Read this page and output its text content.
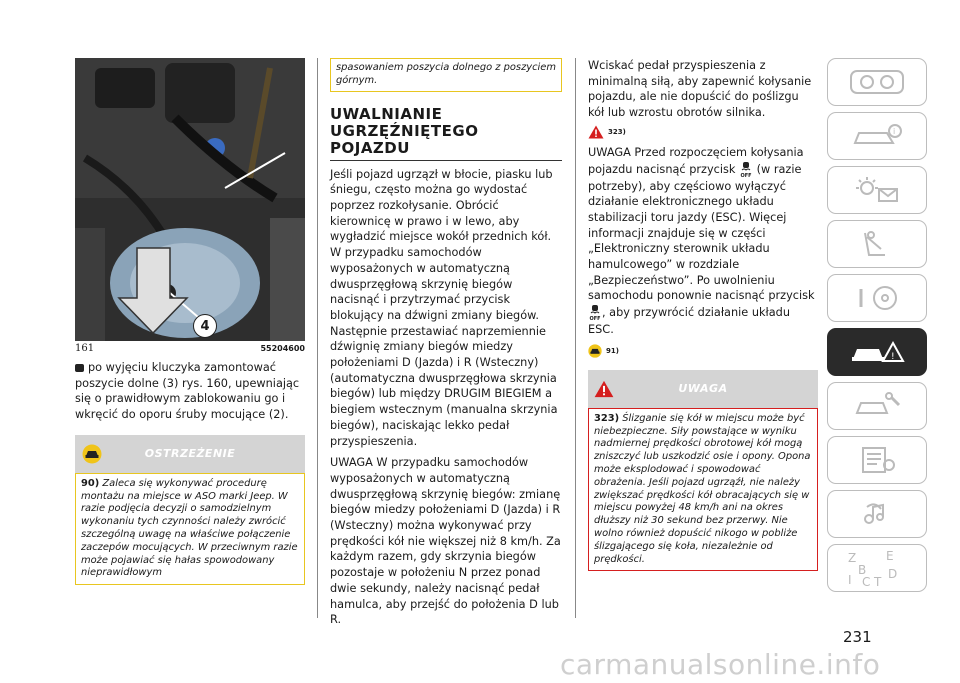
4
161	55204600

po wyjęciu kluczyka zamontować poszycie dolne (3) rys. 160, upewniając się o prawidłowym zablokowaniu go i wkręcić do oporu śruby mocujące (2).

OSTRZEŻENIE
90) Zaleca się wykonywać procedurę montażu na miejsce w ASO marki Jeep. W razie podjęcia decyzji o samodzielnym wykonaniu tych czynności należy zwrócić szczególną uwagę na właściwe połączenie zaczepów mocujących. W przeciwnym razie może pojawiać się hałas spowodowany nieprawidłowym
spasowaniem poszycia dolnego z poszyciem górnym.
UWALNIANIE UGRZĘŹNIĘTEGO POJAZDU

Jeśli pojazd ugrzązł w błocie, piasku lub śniegu, często można go wydostać poprzez rozkołysanie. Obrócić kierownicę w prawo i w lewo, aby wygładzić miejsce wokół przednich kół. W przypadku samochodów wyposażonych w automatyczną dwusprzęgłową skrzynię biegów nacisnąć i przytrzymać przycisk blokujący na dźwigni zmiany biegów. Następnie przestawiać naprzemiennie dźwignię zmiany biegów miedzy położeniami D (Jazda) i R (Wsteczny) (automatyczna dwusprzęgłowa skrzynia biegów) lub między DRUGIM BIEGIEM a biegiem wstecznym (manualna skrzynia biegów), naciskając lekko pedał przyspieszenia.

UWAGA W przypadku samochodów wyposażonych w automatyczną dwusprzęgłową skrzynię biegów: zmianę biegów miedzy położeniami D (Jazda) i R (Wsteczny) można wykonywać przy prędkości kół nie większej niż 8 km/h. Za każdym razem, gdy skrzynia biegów pozostaje w położeniu N przez ponad dwie sekundy, należy nacisnąć pedał hamulca, aby przejść do położenia D lub R.

Wciskać pedał przyspieszenia z minimalną siłą, aby zapewnić kołysanie pojazdu, ale nie dopuścić do poślizgu kół lub wzrostu obrotów silnika.

323)

UWAGA Przed rozpoczęciem kołysania pojazdu nacisnąć przycisk OFF (w razie potrzeby), aby częściowo wyłączyć działanie elektronicznego układu stabilizacji toru jazdy (ESC). Więcej informacji znajduje się w części „Elektroniczny sterownik układu hamulcowego” w rozdziale „Bezpieczeństwo”. Po uwolnieniu samochodu ponownie nacisnąć przycisk
OFF, aby przywrócić działanie układu ESC.

91)
UWAGA
323) Ślizganie się kół w miejscu może być niebezpieczne. Siły powstające w wyniku nadmiernej prędkości obrotowej kół mogą zniszczyć lub uszkodzić osie i opony. Opona może eksplodować i spowodować obrażenia. Jeśli pojazd ugrząźł, nie należy zwiększać prędkości kół obracających się w miejscu powyżej 48 km/h ani na okres dłuższy niż 30 sekund bez przerwy. Nie wolno również dopuścić nikogo w pobliże ślizgającego się koła, niezależnie od prędkości.
i
!
Z
B
E
I C T
D
231
carmanualsonline.info
